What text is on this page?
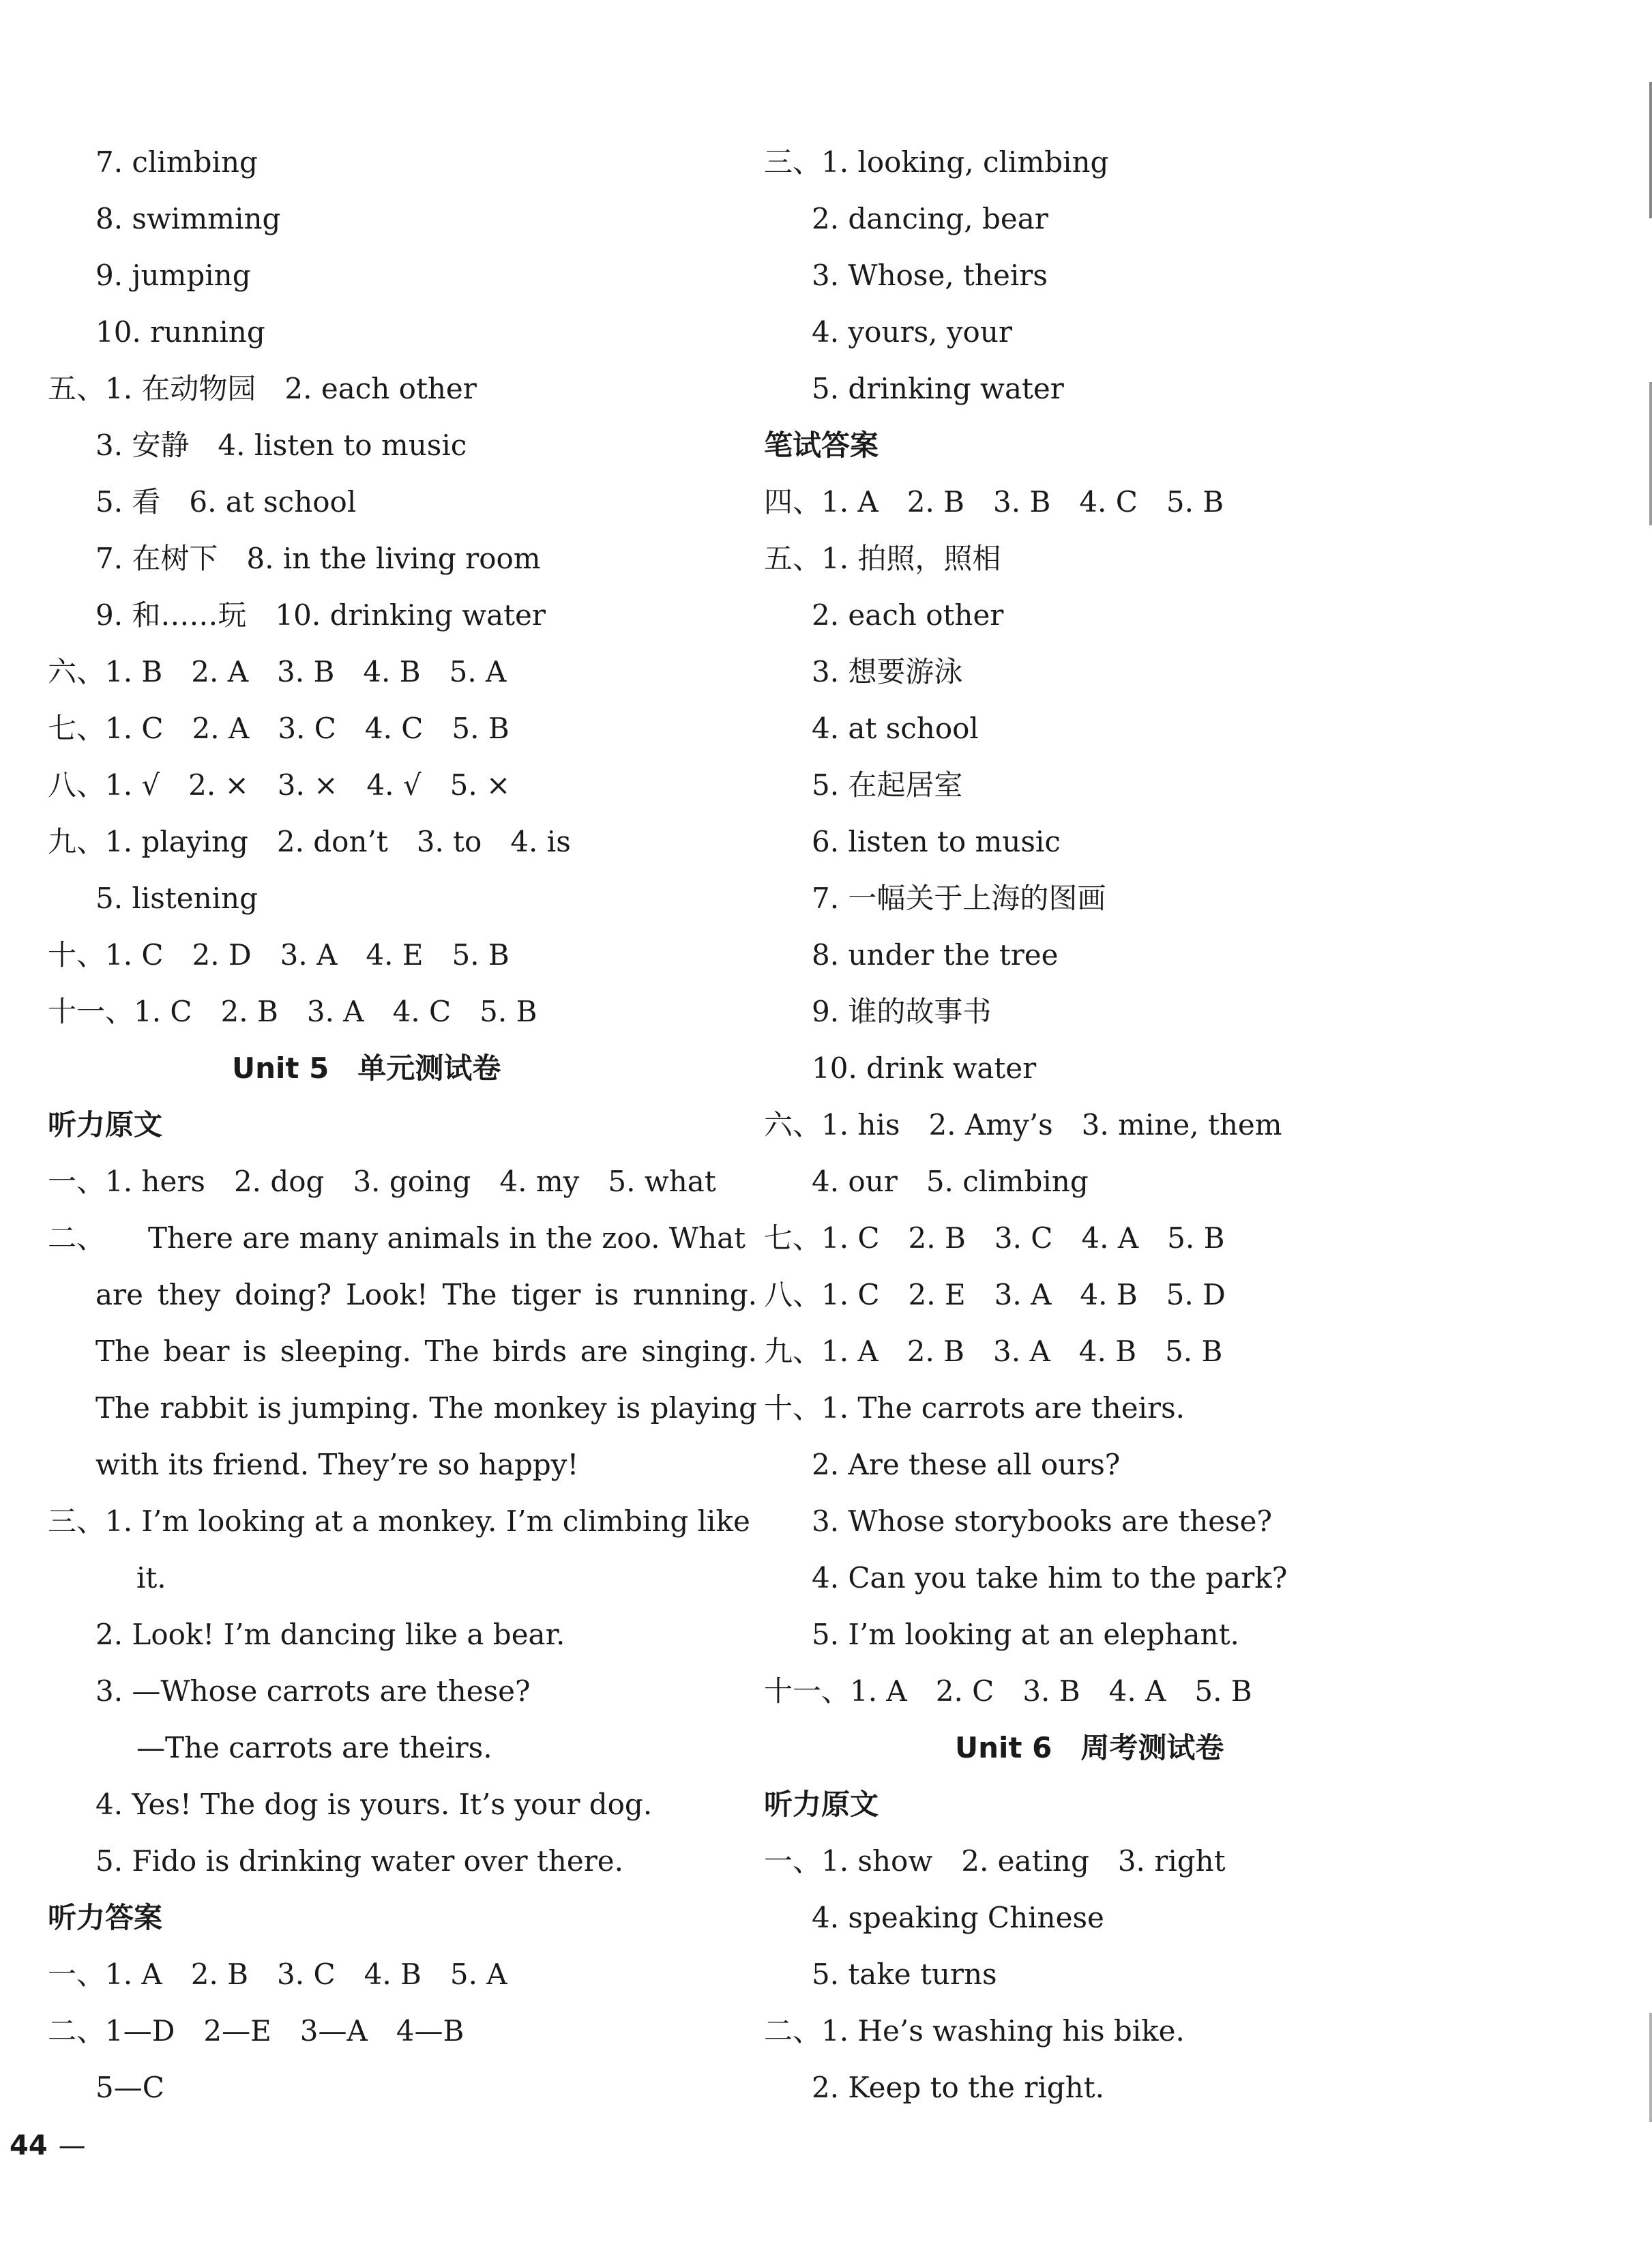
7. climbing
8. swimming
9. jumping
10. running
五、1. 在动物园　2. each other
3. 安静　4. listen to music
5. 看　6. at school
7. 在树下　8. in the living room
9. 和……玩　10. drinking water
六、1. B　2. A　3. B　4. B　5. A
七、1. C　2. A　3. C　4. C　5. B
八、1. √　2. ×　3. ×　4. √　5. ×
九、1. playing　2. don’t　3. to　4. is
5. listening
十、1. C　2. D　3. A　4. E　5. B
十一、1. C　2. B　3. A　4. C　5. B
Unit 5　单元测试卷
听力原文
一、1. hers　2. dog　3. going　4. my　5. what
二、　　There are many animals in the zoo. What
are they doing? Look! The tiger is running.
The bear is sleeping. The birds are singing.
The rabbit is jumping. The monkey is playing
with its friend. They’re so happy!
三、1. I’m looking at a monkey. I’m climbing like
it.
2. Look! I’m dancing like a bear.
3. —Whose carrots are these?
—The carrots are theirs.
4. Yes! The dog is yours. It’s your dog.
5. Fido is drinking water over there.
听力答案
一、1. A　2. B　3. C　4. B　5. A
二、1—D　2—E　3—A　4—B
5—C
三、1. looking, climbing
2. dancing, bear
3. Whose, theirs
4. yours, your
5. drinking water
笔试答案
四、1. A　2. B　3. B　4. C　5. B
五、1. 拍照，照相
2. each other
3. 想要游泳
4. at school
5. 在起居室
6. listen to music
7. 一幅关于上海的图画
8. under the tree
9. 谁的故事书
10. drink water
六、1. his　2. Amy’s　3. mine, them
4. our　5. climbing
七、1. C　2. B　3. C　4. A　5. B
八、1. C　2. E　3. A　4. B　5. D
九、1. A　2. B　3. A　4. B　5. B
十、1. The carrots are theirs.
2. Are these all ours?
3. Whose storybooks are these?
4. Can you take him to the park?
5. I’m looking at an elephant.
十一、1. A　2. C　3. B　4. A　5. B
Unit 6　周考测试卷
听力原文
一、1. show　2. eating　3. right
4. speaking Chinese
5. take turns
二、1. He’s washing his bike.
2. Keep to the right.
44 —
